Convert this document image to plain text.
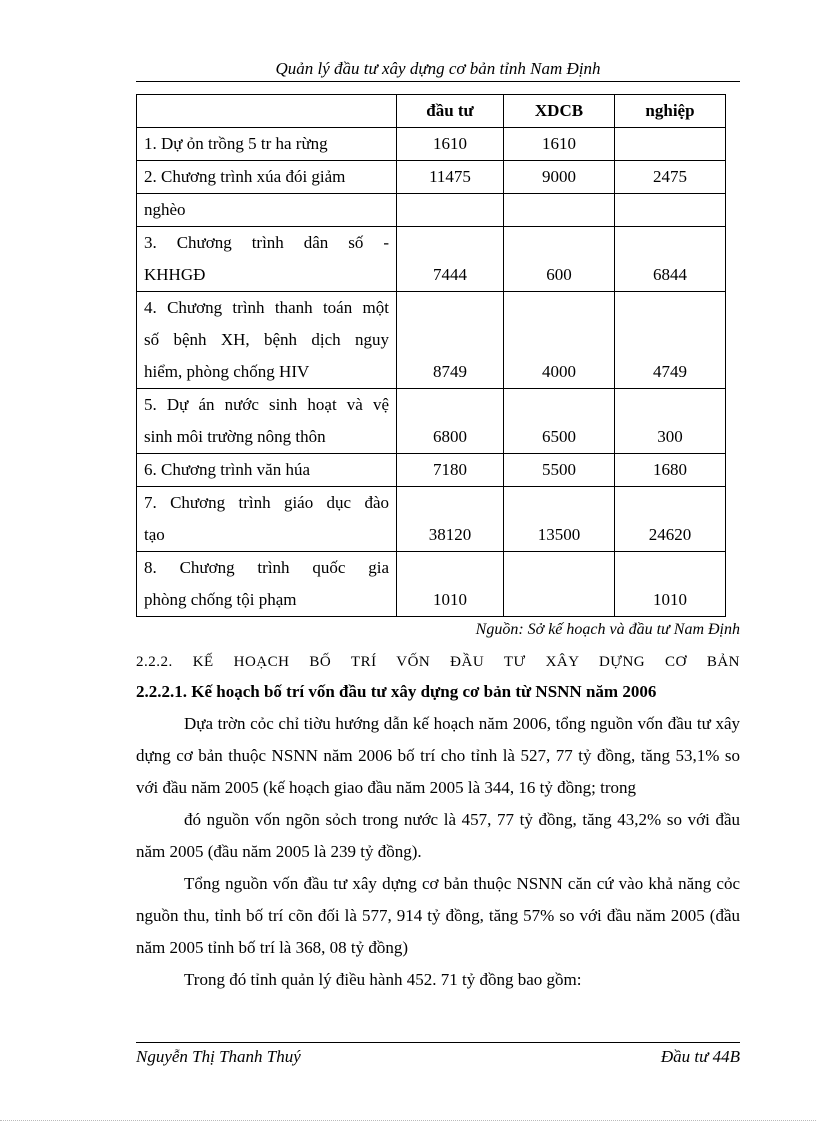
Quản lý đầu tư xây dựng cơ bản tỉnh Nam Định
	đầu tư	XDCB	nghiệp

1. Dự ỏn trồng 5 tr ha rừng	1610	1610	

2. Chương trình xúa đói giảm	11475	9000	2475

nghèo			

3. Chương trình dân số -
KHHGĐ	7444	600	6844

4. Chương trình thanh toán một
số bệnh XH, bệnh dịch nguy
hiểm, phòng chống HIV	8749	4000	4749

5. Dự án nước sinh hoạt và vệ
sinh môi trường nông thôn	6800	6500	300

6. Chương trình văn húa	7180	5500	1680

7. Chương trình giáo dục đào
tạo	38120	13500	24620

8. Chương trình quốc gia
phòng chống tội phạm	1010		1010
Nguồn: Sở kế hoạch và đầu tư Nam Định
2.2.2. KẾ HOẠCH BỐ TRÍ VỐN ĐẦU TƯ XÂY DỰNG CƠ BẢN
2.2.2.1. Kế hoạch bố trí vốn đầu tư xây dựng cơ bản từ NSNN năm 2006

Dựa trờn cỏc chỉ tiờu hướng dẫn kế hoạch năm 2006, tổng nguồn vốn đầu tư xây dựng cơ bản thuộc NSNN năm 2006 bố trí cho tỉnh là 527, 77 tỷ đồng, tăng 53,1% so với đầu năm 2005 (kế hoạch giao đầu năm 2005 là 344, 16 tỷ đồng; trong

đó nguồn vốn ngõn sỏch trong nước là 457, 77 tỷ đồng, tăng 43,2% so với đầu năm 2005 (đầu năm 2005 là 239 tỷ đồng).

Tổng nguồn vốn đầu tư xây dựng cơ bản thuộc NSNN căn cứ vào khả năng cỏc nguồn thu, tỉnh bố trí cõn đối là 577, 914 tỷ đồng, tăng 57% so với đầu năm 2005 (đầu năm 2005 tỉnh bố trí là 368, 08 tỷ đồng)

Trong đó tỉnh quản lý điều hành 452. 71 tỷ đồng bao gồm:

Nguyễn Thị Thanh Thuý	Đầu tư 44B
